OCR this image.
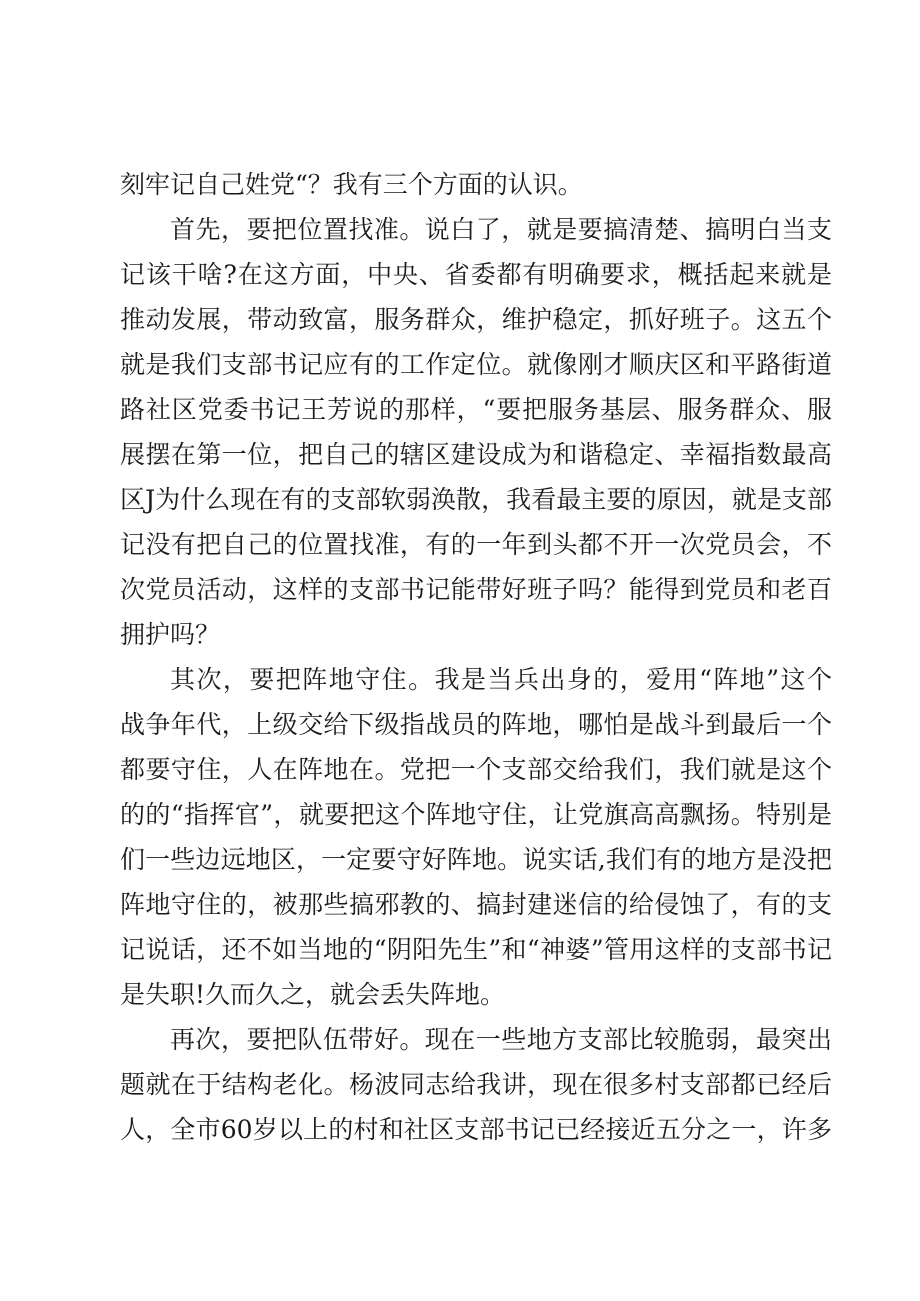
刻牢记自己姓党“？我有三个方面的认识。
首先，要把位置找准。说白了，就是要搞清楚、搞明白当支
记该干啥?在这方面，中央、省委都有明确要求，概括起来就是
推动发展，带动致富，服务群众，维护稳定，抓好班子。这五个
就是我们支部书记应有的工作定位。就像刚才顺庆区和平路街道
路社区党委书记王芳说的那样，“要把服务基层、服务群众、服
展摆在第一位，把自己的辖区建设成为和谐稳定、幸福指数最高
区J为什么现在有的支部软弱涣散，我看最主要的原因，就是支部
记没有把自己的位置找准，有的一年到头都不开一次党员会，不
次党员活动，这样的支部书记能带好班子吗？能得到党员和老百
拥护吗？
其次，要把阵地守住。我是当兵出身的，爱用“阵地”这个
战争年代，上级交给下级指战员的阵地，哪怕是战斗到最后一个
都要守住，人在阵地在。党把一个支部交给我们，我们就是这个
的的“指挥官”，就要把这个阵地守住，让党旗高高飘扬。特别是
们一些边远地区，一定要守好阵地。说实话,我们有的地方是没把
阵地守住的，被那些搞邪教的、搞封建迷信的给侵蚀了，有的支
记说话，还不如当地的“阴阳先生”和“神婆”管用这样的支部书记
是失职!久而久之，就会丢失阵地。
再次，要把队伍带好。现在一些地方支部比较脆弱，最突出
题就在于结构老化。杨波同志给我讲，现在很多村支部都已经后
人，全市60岁以上的村和社区支部书记已经接近五分之一，许多
